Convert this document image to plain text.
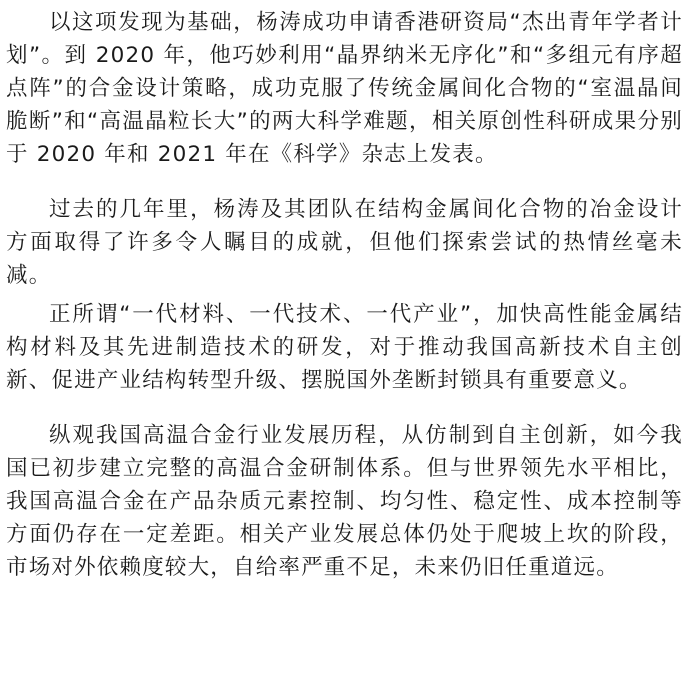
以这项发现为基础，杨涛成功申请香港研资局“杰出青年学者计划”。到 2020 年，他巧妙利用“晶界纳米无序化”和“多组元有序超点阵”的合金设计策略，成功克服了传统金属间化合物的“室温晶间脆断”和“高温晶粒长大”的两大科学难题，相关原创性科研成果分别于 2020 年和 2021 年在《科学》杂志上发表。

过去的几年里，杨涛及其团队在结构金属间化合物的冶金设计方面取得了许多令人瞩目的成就，但他们探索尝试的热情丝毫未减。

正所谓“一代材料、一代技术、一代产业”，加快高性能金属结构材料及其先进制造技术的研发，对于推动我国高新技术自主创新、促进产业结构转型升级、摆脱国外垄断封锁具有重要意义。

纵观我国高温合金行业发展历程，从仿制到自主创新，如今我国已初步建立完整的高温合金研制体系。但与世界领先水平相比，我国高温合金在产品杂质元素控制、均匀性、稳定性、成本控制等方面仍存在一定差距。相关产业发展总体仍处于爬坡上坎的阶段，市场对外依赖度较大，自给率严重不足，未来仍旧任重道远。
